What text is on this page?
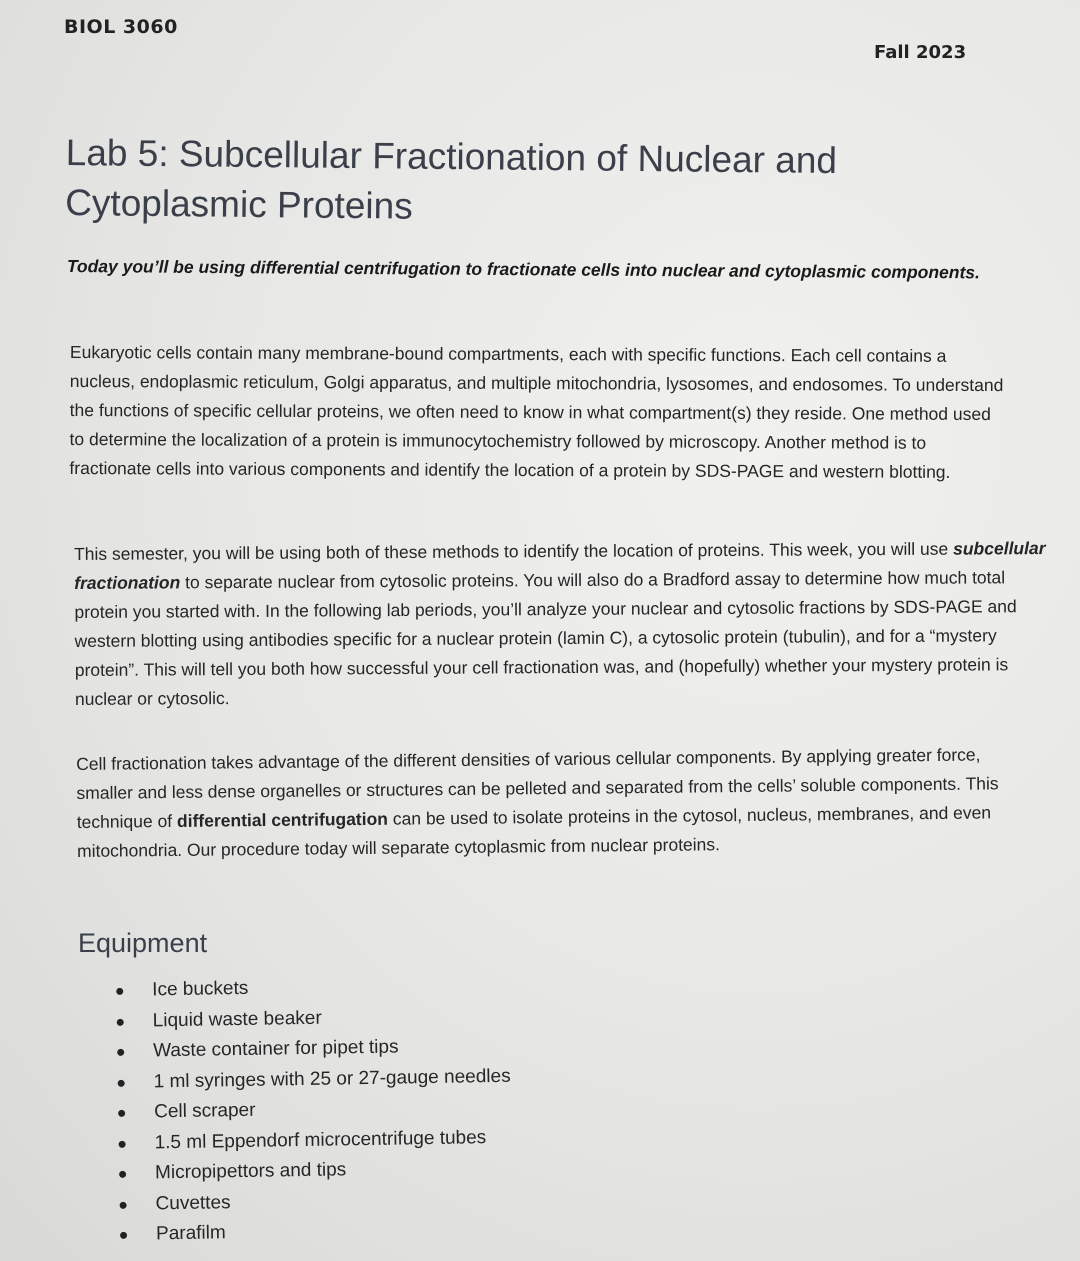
BIOL 3060
Fall 2023
Lab 5: Subcellular Fractionation of Nuclear and
Cytoplasmic Proteins

Today you’ll be using differential centrifugation to fractionate cells into nuclear and cytoplasmic components.

Eukaryotic cells contain many membrane-bound compartments, each with specific functions. Each cell contains a nucleus, endoplasmic reticulum, Golgi apparatus, and multiple mitochondria, lysosomes, and endosomes. To understand the functions of specific cellular proteins, we often need to know in what compartment(s) they reside. One method used to determine the localization of a protein is immunocytochemistry followed by microscopy. Another method is to fractionate cells into various components and identify the location of a protein by SDS-PAGE and western blotting.

This semester, you will be using both of these methods to identify the location of proteins. This week, you will use subcellular fractionation to separate nuclear from cytosolic proteins. You will also do a Bradford assay to determine how much total protein you started with. In the following lab periods, you’ll analyze your nuclear and cytosolic fractions by SDS-PAGE and western blotting using antibodies specific for a nuclear protein (lamin C), a cytosolic protein (tubulin), and for a “mystery protein”. This will tell you both how successful your cell fractionation was, and (hopefully) whether your mystery protein is nuclear or cytosolic.

Cell fractionation takes advantage of the different densities of various cellular components. By applying greater force, smaller and less dense organelles or structures can be pelleted and separated from the cells’ soluble components. This technique of differential centrifugation can be used to isolate proteins in the cytosol, nucleus, membranes, and even mitochondria. Our procedure today will separate cytoplasmic from nuclear proteins.

Equipment
Ice buckets
Liquid waste beaker
Waste container for pipet tips
1 ml syringes with 25 or 27-gauge needles
Cell scraper
1.5 ml Eppendorf microcentrifuge tubes
Micropipettors and tips
Cuvettes
Parafilm
